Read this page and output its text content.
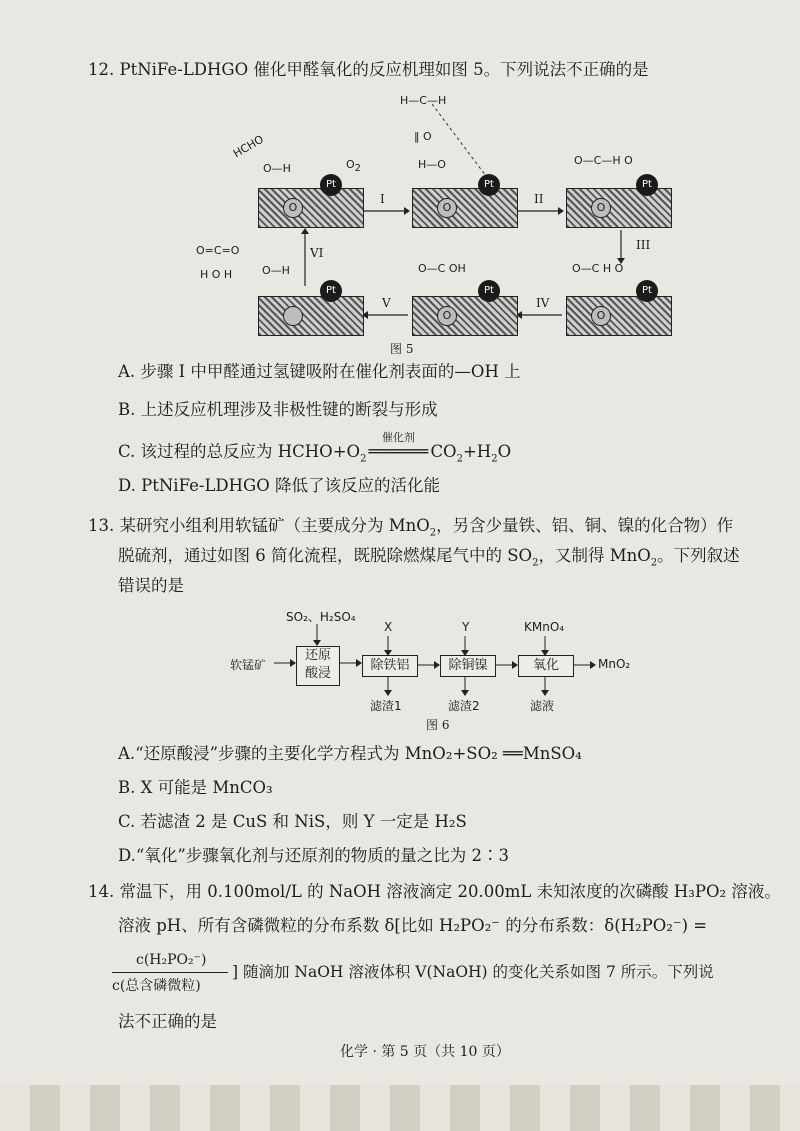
12. PtNiFe-LDHGO 催化甲醛氧化的反应机理如图 5。下列说法不正确的是
O
Pt
HCHO
O—H	$O_2$
I
O
Pt
H—C—H
‖ O
H—O
II
O
Pt
O—C—H O
III
O
Pt
O—C H O
IV
O
Pt
O—C OH
V
Pt
O—H
O=C=O
H O H
VI
图 5
A. 步骤 I 中甲醛通过氢键吸附在催化剂表面的—OH 上
B. 上述反应机理涉及非极性键的断裂与形成
C. 该过程的总反应为 $HCHO+O_2$
催化剂
══════ $CO_2+H_2O$
D. PtNiFe-LDHGO 降低了该反应的活化能
13. 某研究小组利用软锰矿（主要成分为 MnO$_2$，另含少量铁、铝、铜、镍的化合物）作
脱硫剂，通过如图 6 简化流程，既脱除燃煤尾气中的 $SO_2$，又制得 MnO$_2$。下列叙述
错误的是
软锰矿
SO₂、H₂SO₄
还原
酸浸
X
除铁铝
滤渣1
Y
除铜镍
滤渣2
KMnO₄
氧化
滤液
MnO₂
图 6
A.“还原酸浸”步骤的主要化学方程式为 MnO₂+SO₂ ══MnSO₄
B. X 可能是 MnCO₃
C. 若滤渣 2 是 CuS 和 NiS，则 Y 一定是 H₂S
D.“氧化”步骤氧化剂与还原剂的物质的量之比为 2∶3
14. 常温下，用 0.100mol/L 的 NaOH 溶液滴定 20.00mL 未知浓度的次磷酸 H₃PO₂ 溶液。
溶液 pH、所有含磷微粒的分布系数 δ[比如 H₂PO₂⁻ 的分布系数：δ(H₂PO₂⁻) =
c(H₂PO₂⁻)
c(总含磷微粒)
] 随滴加 NaOH 溶液体积 V(NaOH) 的变化关系如图 7 所示。下列说
法不正确的是
化学 · 第 5 页（共 10 页）
